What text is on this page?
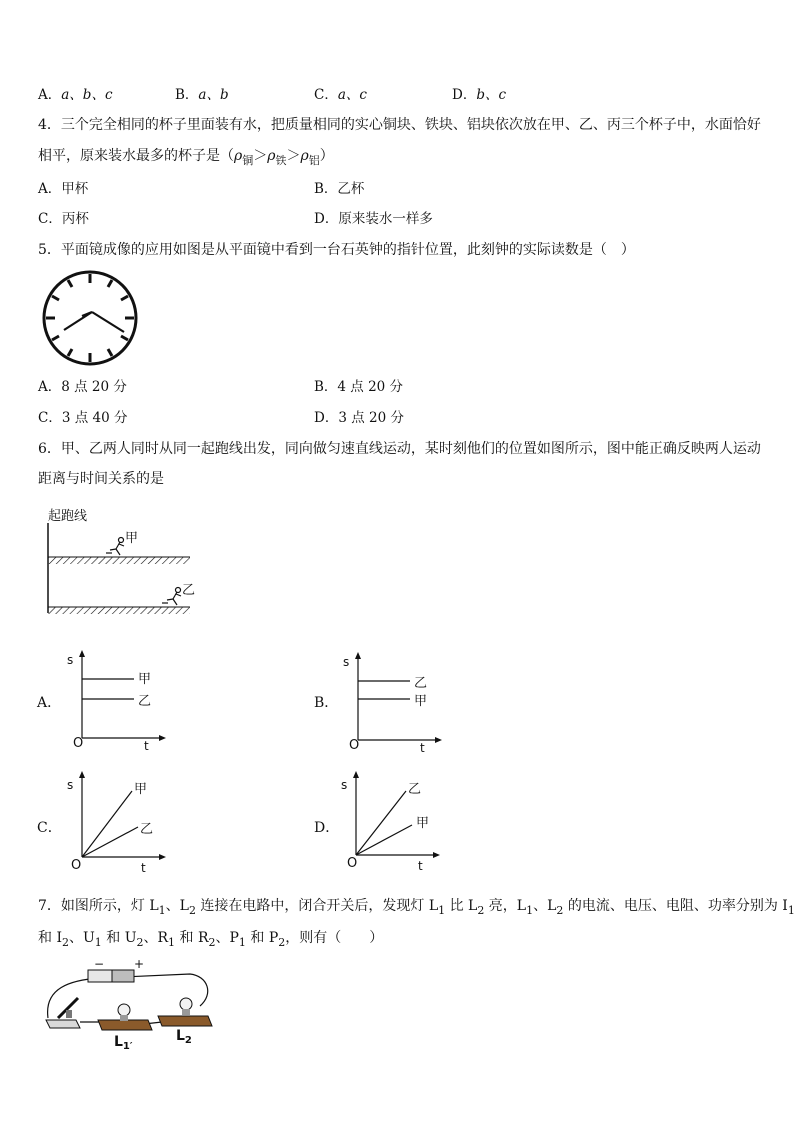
A．a、b、c	B．a、b	C．a、c	D．b、c
4．三个完全相同的杯子里面装有水，把质量相同的实心铜块、铁块、铝块依次放在甲、乙、丙三个杯子中，水面恰好
相平，原来装水最多的杯子是$(\rho_铜>\rho_铁>\rho_铝)$
A．甲杯	B．乙杯
C．丙杯	D．原来装水一样多
5．平面镜成像的应用如图是从平面镜中看到一台石英钟的指针位置，此刻钟的实际读数是（　）
A．8 点 20 分	B．4 点 20 分
C．3 点 40 分	D．3 点 20 分
6．甲、乙两人同时从同一起跑线出发，同向做匀速直线运动，某时刻他们的位置如图所示，图中能正确反映两人运动
距离与时间关系的是
起跑线
甲
乙
A．
s
t
O
甲
乙	B．
s
t
O
乙
甲
C．
s
t
O
甲
乙	D．
s
t
O
乙
甲
7．如图所示，灯 $L_1$、$L_2$ 连接在电路中，闭合开关后，发现灯 $L_1$ 比 $L_2$ 亮，$L_1$、$L_2$ 的电流、电压、电阻、功率分别为 $I_1$
和 $I_2$、$U_1$ 和 $U_2$、$R_1$ 和 $R_2$、$P_1$ 和 $P_2$，则有（　　）
− +
$L_{1'}$
$L_2$
